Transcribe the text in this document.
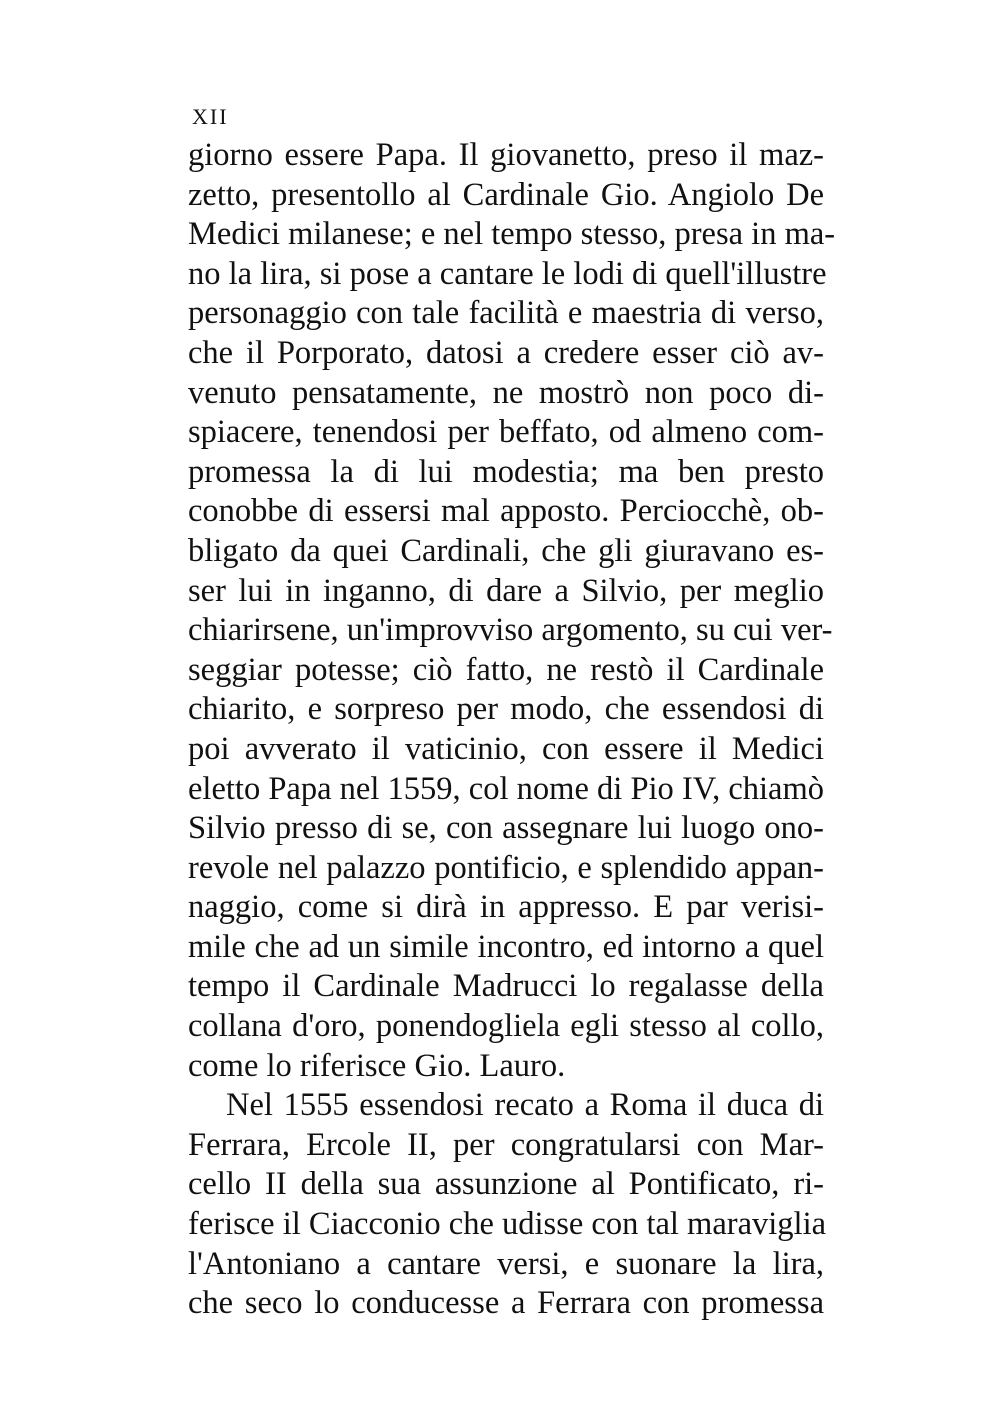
XII
giorno essere Papa. Il giovanetto, preso il maz-
zetto, presentollo al Cardinale Gio. Angiolo De
Medici milanese; e nel tempo stesso, presa in ma-
no la lira, si pose a cantare le lodi di quell'illustre
personaggio con tale facilità e maestria di verso,
che il Porporato, datosi a credere esser ciò av-
venuto pensatamente, ne mostrò non poco di-
spiacere, tenendosi per beffato, od almeno com-
promessa la di lui modestia; ma ben presto
conobbe di essersi mal apposto. Perciocchè, ob-
bligato da quei Cardinali, che gli giuravano es-
ser lui in inganno, di dare a Silvio, per meglio
chiarirsene, un'improvviso argomento, su cui ver-
seggiar potesse; ciò fatto, ne restò il Cardinale
chiarito, e sorpreso per modo, che essendosi di
poi avverato il vaticinio, con essere il Medici
eletto Papa nel 1559, col nome di Pio IV, chiamò
Silvio presso di se, con assegnare lui luogo ono-
revole nel palazzo pontificio, e splendido appan-
naggio, come si dirà in appresso. E par verisi-
mile che ad un simile incontro, ed intorno a quel
tempo il Cardinale Madrucci lo regalasse della
collana d'oro, ponendogliela egli stesso al collo,
come lo riferisce Gio. Lauro.
Nel 1555 essendosi recato a Roma il duca di
Ferrara, Ercole II, per congratularsi con Mar-
cello II della sua assunzione al Pontificato, ri-
ferisce il Ciacconio che udisse con tal maraviglia
l'Antoniano a cantare versi, e suonare la lira,
che seco lo conducesse a Ferrara con promessa
